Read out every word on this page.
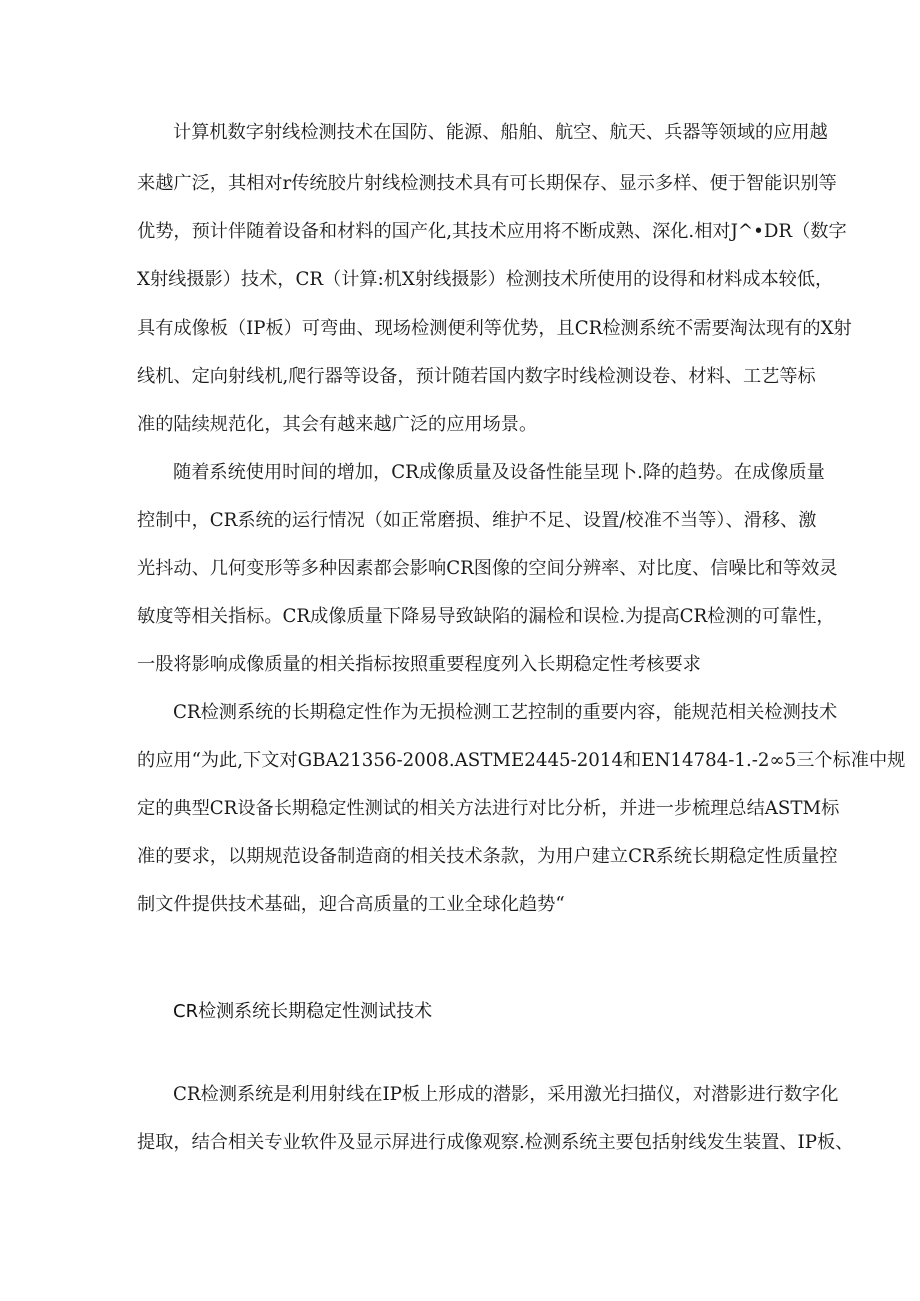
计算机数字射线检测技术在国防、能源、船舶、航空、航天、兵器等领域的应用越
来越广泛，其相对r传统胶片射线检测技术具有可长期保存、显示多样、便于智能识别等
优势，预计伴随着设备和材料的国产化,其技术应用将不断成熟、深化.相对J^•DR（数字
X射线摄影）技术，CR（计算:机X射线摄影）检测技术所使用的设得和材料成本较低，
具有成像板（IP板）可弯曲、现场检测便利等优势，且CR检测系统不需要淘汰现有的X射
线机、定向射线机,爬行器等设备，预计随若国内数字时线检测设卷、材料、工艺等标
准的陆续规范化，其会有越来越广泛的应用场景。
随着系统使用时间的增加，CR成像质量及设备性能呈现卜.降的趋势。在成像质量
控制中，CR系统的运行情况（如正常磨损、维护不足、设置/校准不当等）、滑移、激
光抖动、几何变形等多种因素都会影响CR图像的空间分辨率、对比度、信噪比和等效灵
敏度等相关指标。CR成像质量下降易导致缺陷的漏检和误检.为提高CR检测的可靠性，
一股将影响成像质量的相关指标按照重要程度列入长期稳定性考核要求
CR检测系统的长期稳定性作为无损检测工艺控制的重要内容，能规范相关检测技术
的应用“为此,下文对GBA21356-2008.ASTME2445-2014和EN14784-1.-2∞5三个标准中规
定的典型CR设备长期稳定性测试的相关方法进行对比分析，并进一步梳理总结ASTM标
准的要求，以期规范设备制造商的相关技术条款，为用户建立CR系统长期稳定性质量控
制文件提供技术基础，迎合高质量的工业全球化趋势“
CR检测系统长期稳定性测试技术
CR检测系统是利用射线在IP板上形成的潜影，采用激光扫描仪，对潜影进行数字化
提取，结合相关专业软件及显示屏进行成像观察.检测系统主要包括射线发生装置、IP板、
